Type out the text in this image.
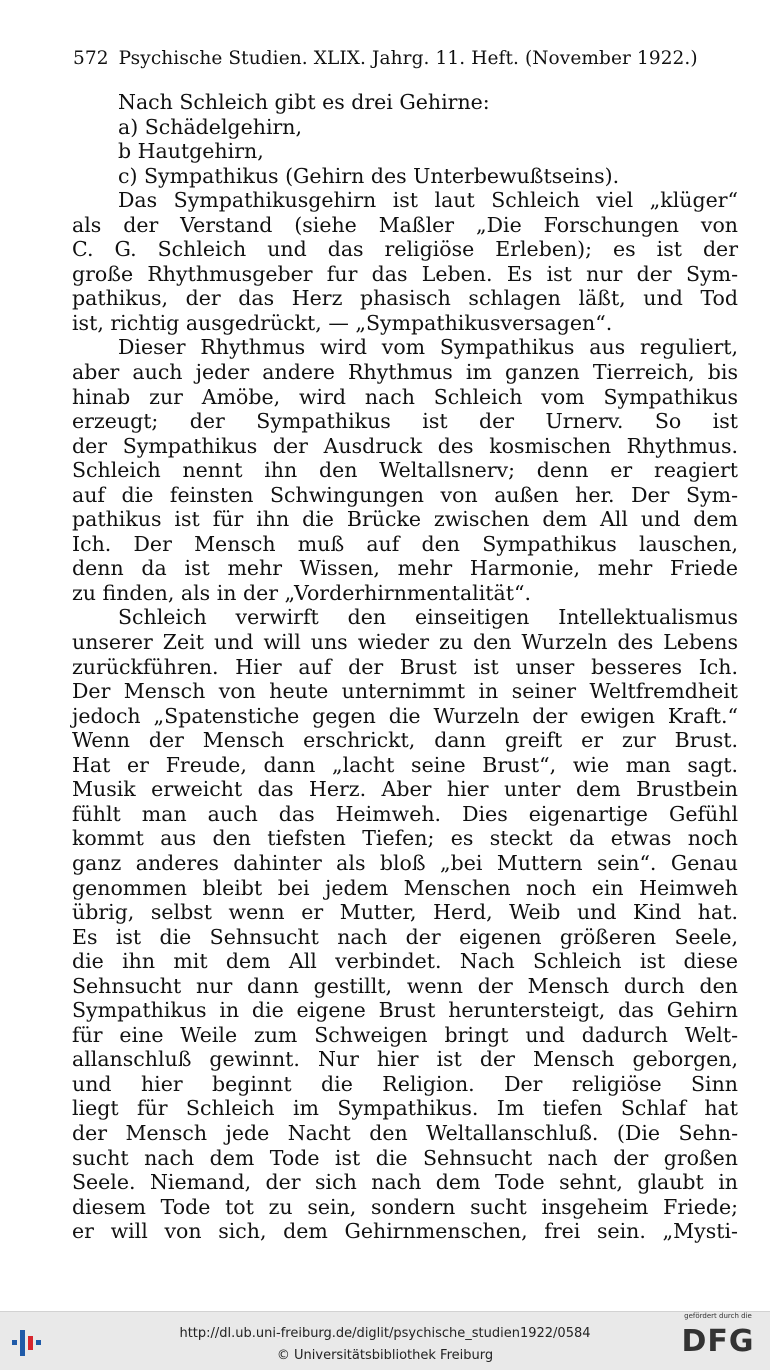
572 Psychische Studien. XLIX. Jahrg. 11. Heft. (November 1922.)
Nach Schleich gibt es drei Gehirne:
a) Schädelgehirn,
b Hautgehirn,
c) Sympathikus (Gehirn des Unterbewußtseins).
Das Sympathikusgehirn ist laut Schleich viel „klüger“
als der Verstand (siehe Maßler „Die Forschungen von
C. G. Schleich und das religiöse Erleben); es ist der
große Rhythmusgeber fur das Leben. Es ist nur der Sym-
pathikus, der das Herz phasisch schlagen läßt, und Tod
ist, richtig ausgedrückt, — „Sympathikusversagen“.
Dieser Rhythmus wird vom Sympathikus aus reguliert,
aber auch jeder andere Rhythmus im ganzen Tierreich, bis
hinab zur Amöbe, wird nach Schleich vom Sympathikus
erzeugt; der Sympathikus ist der Urnerv. So ist
der Sympathikus der Ausdruck des kosmischen Rhythmus.
Schleich nennt ihn den Weltallsnerv; denn er reagiert
auf die feinsten Schwingungen von außen her. Der Sym-
pathikus ist für ihn die Brücke zwischen dem All und dem
Ich. Der Mensch muß auf den Sympathikus lauschen,
denn da ist mehr Wissen, mehr Harmonie, mehr Friede
zu finden, als in der „Vorderhirnmentalität“.
Schleich verwirft den einseitigen Intellektualismus
unserer Zeit und will uns wieder zu den Wurzeln des Lebens
zurückführen. Hier auf der Brust ist unser besseres Ich.
Der Mensch von heute unternimmt in seiner Weltfremdheit
jedoch „Spatenstiche gegen die Wurzeln der ewigen Kraft.“
Wenn der Mensch erschrickt, dann greift er zur Brust.
Hat er Freude, dann „lacht seine Brust“, wie man sagt.
Musik erweicht das Herz. Aber hier unter dem Brustbein
fühlt man auch das Heimweh. Dies eigenartige Gefühl
kommt aus den tiefsten Tiefen; es steckt da etwas noch
ganz anderes dahinter als bloß „bei Muttern sein“. Genau
genommen bleibt bei jedem Menschen noch ein Heimweh
übrig, selbst wenn er Mutter, Herd, Weib und Kind hat.
Es ist die Sehnsucht nach der eigenen größeren Seele,
die ihn mit dem All verbindet. Nach Schleich ist diese
Sehnsucht nur dann gestillt, wenn der Mensch durch den
Sympathikus in die eigene Brust heruntersteigt, das Gehirn
für eine Weile zum Schweigen bringt und dadurch Welt-
allanschluß gewinnt. Nur hier ist der Mensch geborgen,
und hier beginnt die Religion. Der religiöse Sinn
liegt für Schleich im Sympathikus. Im tiefen Schlaf hat
der Mensch jede Nacht den Weltallanschluß. (Die Sehn-
sucht nach dem Tode ist die Sehnsucht nach der großen
Seele. Niemand, der sich nach dem Tode sehnt, glaubt in
diesem Tode tot zu sein, sondern sucht insgeheim Friede;
er will von sich, dem Gehirnmenschen, frei sein. „Mysti-
http://dl.ub.uni-freiburg.de/diglit/psychische_studien1922/0584
© Universitätsbibliothek Freiburg
gefördert durch die
DFG
